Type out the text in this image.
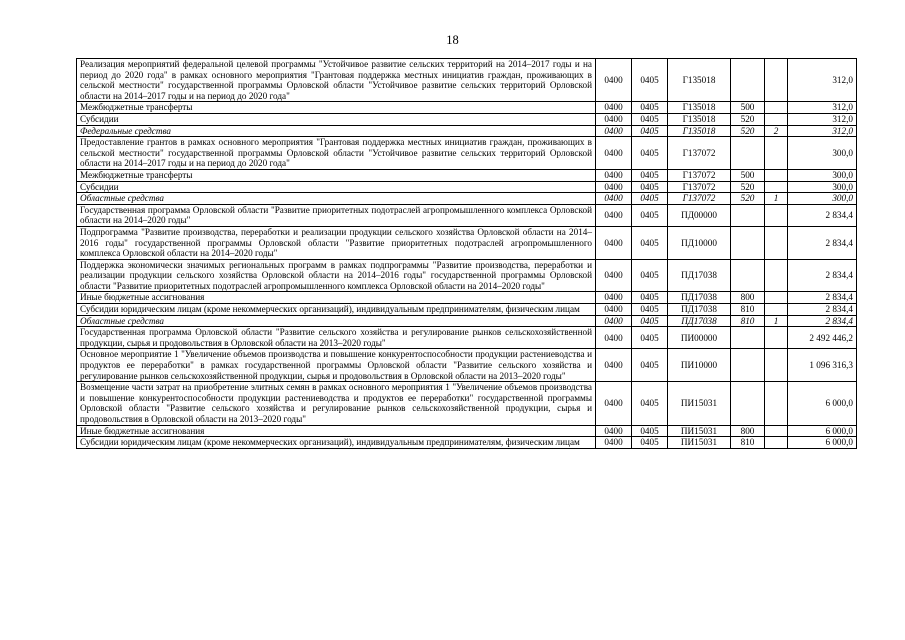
18
Реализация мероприятий федеральной целевой программы "Устойчивое развитие сельских территорий на 2014–2017 годы и на период до 2020 года" в рамках основного мероприятия "Грантовая поддержка местных инициатив граждан, проживающих в сельской местности" государственной программы Орловской области "Устойчивое развитие сельских территорий Орловской области на 2014–2017 годы и на период до 2020 года"	0400	0405	Г135018			312,0
Межбюджетные трансферты	0400	0405	Г135018	500		312,0
Субсидии	0400	0405	Г135018	520		312,0
Федеральные средства	0400	0405	Г135018	520	2	312,0
Предоставление грантов в рамках основного мероприятия "Грантовая поддержка местных инициатив граждан, проживающих в сельской местности" государственной программы Орловской области "Устойчивое развитие сельских территорий Орловской области на 2014–2017 годы и на период до 2020 года"	0400	0405	Г137072			300,0
Межбюджетные трансферты	0400	0405	Г137072	500		300,0
Субсидии	0400	0405	Г137072	520		300,0
Областные средства	0400	0405	Г137072	520	1	300,0
Государственная программа Орловской области "Развитие приоритетных подотраслей агропромышленного комплекса Орловской области на 2014–2020 годы"	0400	0405	ПД00000			2 834,4
Подпрограмма "Развитие производства, переработки и реализации продукции сельского хозяйства Орловской области на 2014–2016 годы" государственной программы Орловской области "Развитие приоритетных подотраслей агропромышленного комплекса Орловской области на 2014–2020 годы"	0400	0405	ПД10000			2 834,4
Поддержка экономически значимых региональных программ в рамках подпрограммы "Развитие производства, переработки и реализации продукции сельского хозяйства Орловской области на 2014–2016 годы" государственной программы Орловской области "Развитие приоритетных подотраслей агропромышленного комплекса Орловской области на 2014–2020 годы"	0400	0405	ПД17038			2 834,4
Иные бюджетные ассигнования	0400	0405	ПД17038	800		2 834,4
Субсидии юридическим лицам (кроме некоммерческих организаций), индивидуальным предпринимателям, физическим лицам	0400	0405	ПД17038	810		2 834,4
Областные средства	0400	0405	ПД17038	810	1	2 834,4
Государственная программа Орловской области "Развитие сельского хозяйства и регулирование рынков сельскохозяйственной продукции, сырья и продовольствия в Орловской области на 2013–2020 годы"	0400	0405	ПИ00000			2 492 446,2
Основное мероприятие 1 "Увеличение объемов производства и повышение конкурентоспособности продукции растениеводства и продуктов ее переработки" в рамках государственной программы Орловской области "Развитие сельского хозяйства и регулирование рынков сельскохозяйственной продукции, сырья и продовольствия в Орловской области на 2013–2020 годы"	0400	0405	ПИ10000			1 096 316,3
Возмещение части затрат на приобретение элитных семян в рамках основного мероприятия 1 "Увеличение объемов производства и повышение конкурентоспособности продукции растениеводства и продуктов ее переработки" государственной программы Орловской области "Развитие сельского хозяйства и регулирование рынков сельскохозяйственной продукции, сырья и продовольствия в Орловской области на 2013–2020 годы"	0400	0405	ПИ15031			6 000,0
Иные бюджетные ассигнования	0400	0405	ПИ15031	800		6 000,0
Субсидии юридическим лицам (кроме некоммерческих организаций), индивидуальным предпринимателям, физическим лицам	0400	0405	ПИ15031	810		6 000,0
